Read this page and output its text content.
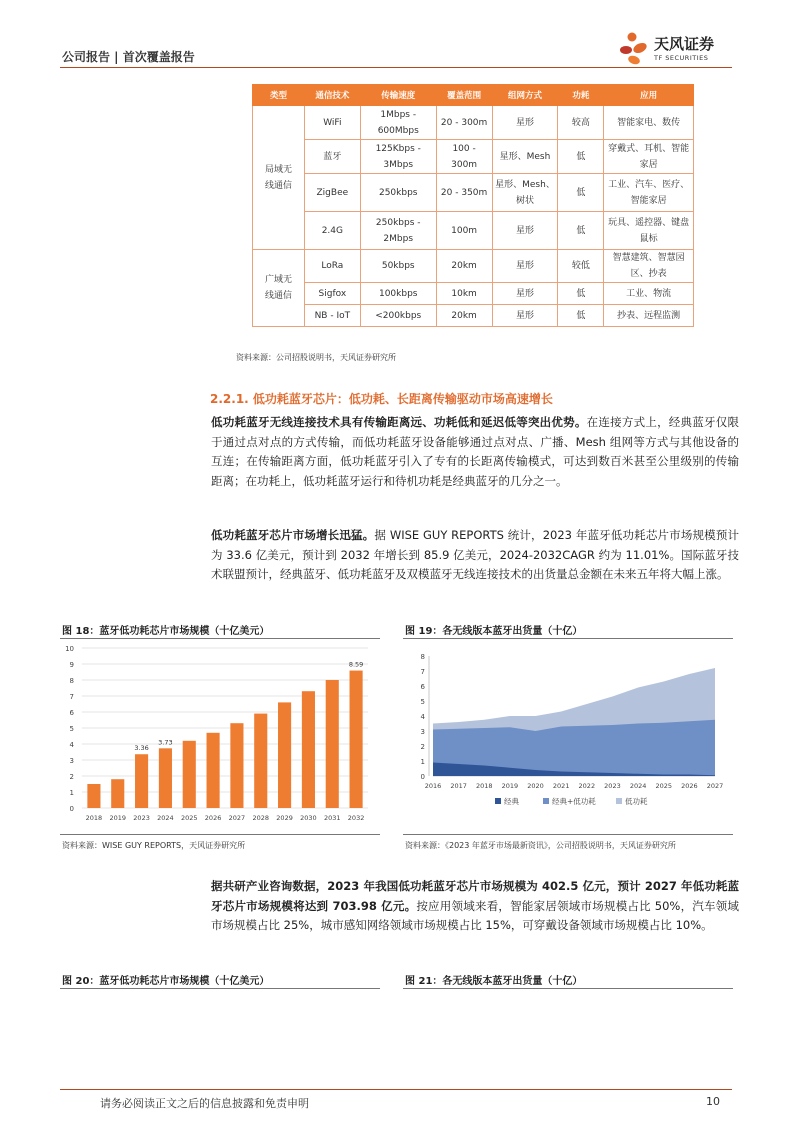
公司报告 | 首次覆盖报告
天风证券
TF SECURITIES
类型	通信技术	传输速度	覆盖范围	组网方式	功耗	应用
局域无线通信	WiFi	1Mbps - 600Mbps	20 - 300m	星形	较高	智能家电、数传
	蓝牙	125Kbps - 3Mbps	100 - 300m	星形、Mesh	低	穿戴式、耳机、智能家居
	ZigBee	250kbps	20 - 350m	星形、Mesh、树状	低	工业、汽车、医疗、智能家居
	2.4G	250kbps - 2Mbps	100m	星形	低	玩具、遥控器、键盘鼠标
广域无线通信	LoRa	50kbps	20km	星形	较低	智慧建筑、智慧园区、抄表
	Sigfox	100kbps	10km	星形	低	工业、物流
	NB - IoT	<200kbps	20km	星形	低	抄表、远程监测
资料来源：公司招股说明书，天风证券研究所
2.2.1. 低功耗蓝牙芯片：低功耗、长距离传输驱动市场高速增长
低功耗蓝牙无线连接技术具有传输距离远、功耗低和延迟低等突出优势。在连接方式上，经典蓝牙仅限于通过点对点的方式传输，而低功耗蓝牙设备能够通过点对点、广播、Mesh 组网等方式与其他设备的互连；在传输距离方面，低功耗蓝牙引入了专有的长距离传输模式，可达到数百米甚至公里级别的传输距离；在功耗上，低功耗蓝牙运行和待机功耗是经典蓝牙的几分之一。
低功耗蓝牙芯片市场增长迅猛。据 WISE GUY REPORTS 统计，2023 年蓝牙低功耗芯片市场规模预计为 33.6 亿美元，预计到 2032 年增长到 85.9 亿美元，2024-2032CAGR 约为 11.01%。国际蓝牙技术联盟预计，经典蓝牙、低功耗蓝牙及双模蓝牙无线连接技术的出货量总金额在未来五年将大幅上涨。
图 18：蓝牙低功耗芯片市场规模（十亿美元）
0
1
2
3
4
5
6
7
8
9
10
2018 2019 2023
3.36
2024
3.73
2025 2026 2027 2028 2029 2030 2031 2032
8.59
资料来源：WISE GUY REPORTS，天风证券研究所
图 19：各无线版本蓝牙出货量（十亿）
0
1
2
3
4
5
6
7
8
2016 2017 2018 2019 2020 2021 2022 2023 2024 2025 2026 2027
经典	经典+低功耗	低功耗
资料来源：《2023 年蓝牙市场最新资讯》，公司招股说明书，天风证券研究所
据共研产业咨询数据，2023 年我国低功耗蓝牙芯片市场规模为 402.5 亿元，预计 2027 年低功耗蓝牙芯片市场规模将达到 703.98 亿元。按应用领域来看，智能家居领域市场规模占比 50%，汽车领域市场规模占比 25%，城市感知网络领域市场规模占比 15%，可穿戴设备领域市场规模占比 10%。
图 20：蓝牙低功耗芯片市场规模（十亿美元）	图 21：各无线版本蓝牙出货量（十亿）
请务必阅读正文之后的信息披露和免责申明	10
